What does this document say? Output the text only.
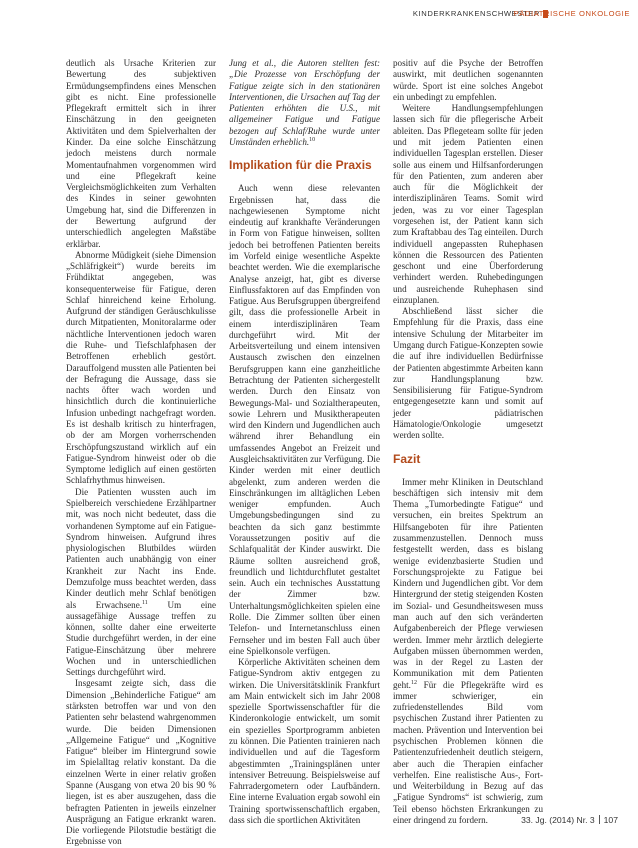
KINDERKRANKENSCHWESTER
PÄDIATRISCHE ONKOLOGIE

deutlich als Ursache Kriterien zur Bewertung des subjektiven Ermüdungsempfindens eines Menschen gibt es nicht. Eine professionelle Pflegekraft ermittelt sich in ihrer Einschätzung in den geeigneten Aktivitäten und dem Spielverhalten der Kinder. Da eine solche Einschätzung jedoch meistens durch normale Momentaufnahmen vorgenommen wird und eine Pflegekraft keine Vergleichsmöglichkeiten zum Verhalten des Kindes in seiner gewohnten Umgebung hat, sind die Differenzen in der Bewertung aufgrund der unterschiedlich angelegten Maßstäbe erklärbar.

Abnorme Müdigkeit (siehe Dimension „Schläfrigkeit“) wurde bereits im Frühdiktat angegeben, was konsequenterweise für Fatigue, deren Schlaf hinreichend keine Erholung. Aufgrund der ständigen Geräuschkulisse durch Mitpatienten, Monitoralarme oder nächtliche Interventionen jedoch waren die Ruhe- und Tiefschlafphasen der Betroffenen erheblich gestört. Darauffolgend mussten alle Patienten bei der Befragung die Aussage, dass sie nachts öfter wach worden und hinsichtlich durch die kontinuierliche Infusion unbedingt nachgefragt worden. Es ist deshalb kritisch zu hinterfragen, ob der am Morgen vorherrschenden Erschöpfungszustand wirklich auf ein Fatigue-Syndrom hinweist oder ob die Symptome lediglich auf einen gestörten Schlafrhythmus hinweisen.

Die Patienten wussten auch im Spielbereich verschiedene Erzählpartner mit, was noch nicht bedeutet, dass die vorhandenen Symptome auf ein Fatigue-Syndrom hinweisen. Aufgrund ihres physiologischen Blutbildes würden Patienten auch unabhängig von einer Krankheit zur Nacht ins Ende. Demzufolge muss beachtet werden, dass Kinder deutlich mehr Schlaf benötigen als Erwachsene.$^{11}$ Um eine aussagefähige Aussage treffen zu können, sollte daher eine erweiterte Studie durchgeführt werden, in der eine Fatigue-Einschätzung über mehrere Wochen und in unterschiedlichen Settings durchgeführt wird.

Insgesamt zeigte sich, dass die Dimension „Behinderliche Fatigue“ am stärksten betroffen war und von den Patienten sehr belastend wahrgenommen wurde. Die beiden Dimensionen „Allgemeine Fatigue“ und „Kognitive Fatigue“ bleiber im Hintergrund sowie im Spielalltag relativ konstant. Da die einzelnen Werte in einer relativ großen Spanne (Ausgang von etwa 20 bis 90 % liegen, ist es aber auszugehen, dass die befragten Patienten in jeweils einzelner Ausprägung an Fatigue erkrankt waren. Die vorliegende Pilotstudie bestätigt die Ergebnisse von

Jung et al., die Autoren stellten fest: „Die Prozesse von Erschöpfung der Fatigue zeigte sich in den stationären Interventionen, die Ursachen auf Tag der Patienten erhöhten die U.S., mit allgemeiner Fatigue und Fatigue bezogen auf Schlaf/Ruhe wurde unter Umständen erheblich.$^{10}$

Implikation für die Praxis

Auch wenn diese relevanten Ergebnissen hat, dass die nachgewiesenen Symptome nicht eindeutig auf krankhafte Veränderungen in Form von Fatigue hinweisen, sollten jedoch bei betroffenen Patienten bereits im Vorfeld einige wesentliche Aspekte beachtet werden. Wie die exemplarische Analyse anzeigt, hat, gibt es diverse Einflussfaktoren auf das Empfinden von Fatigue. Aus Berufsgruppen übergreifend gilt, dass die professionelle Arbeit in einem interdisziplinären Team durchgeführt wird. Mit der Arbeitsverteilung und einem intensiven Austausch zwischen den einzelnen Berufsgruppen kann eine ganzheitliche Betrachtung der Patienten sichergestellt werden. Durch den Einsatz von Bewegungs-Mal- und Sozialtherapeuten, sowie Lehrern und Musiktherapeuten wird den Kindern und Jugendlichen auch während ihrer Behandlung ein umfassendes Angebot an Freizeit und Ausgleichsaktivitäten zur Verfügung. Die Kinder werden mit einer deutlich abgelenkt, zum anderen werden die Einschränkungen im alltäglichen Leben weniger empfunden. Auch Umgebungsbedingungen sind zu beachten da sich ganz bestimmte Voraussetzungen positiv auf die Schlafqualität der Kinder auswirkt. Die Räume sollten ausreichend groß, freundlich und lichtdurchflutet gestaltet sein. Auch ein technisches Ausstattung der Zimmer bzw. Unterhaltungsmöglichkeiten spielen eine Rolle. Die Zimmer sollten über einen Telefon- und Internetanschluss einen Fernseher und im besten Fall auch über eine Spielkonsole verfügen.

Körperliche Aktivitäten scheinen dem Fatigue-Syndrom aktiv entgegen zu wirken. Die Universitätsklinik Frankfurt am Main entwickelt sich im Jahr 2008 spezielle Sportwissenschaftler für die Kinderonkologie entwickelt, um somit ein spezielles Sportprogramm anbieten zu können. Die Patienten trainieren nach individuellen und auf die Tagesform abgestimmten „Trainingsplänen unter intensiver Betreuung. Beispielsweise auf Fahrradergometern oder Laufbändern. Eine interne Evaluation ergab sowohl ein Training sportwissenschaftlich ergaben, dass sich die sportlichen Aktivitäten

positiv auf die Psyche der Betroffen auswirkt, mit deutlichen sogenannten würde. Sport ist eine solches Angebot ein unbedingt zu empfehlen.

Weitere Handlungsempfehlungen lassen sich für die pflegerische Arbeit ableiten. Das Pflegeteam sollte für jeden und mit jedem Patienten einen individuellen Tagesplan erstellen. Dieser solle aus einem und Hilfsanforderungen für den Patienten, zum anderen aber auch für die Möglichkeit der interdisziplinären Teams. Somit wird jeden, was zu vor einer Tagesplan vorgesehen ist, der Patient kann sich zum Kraftabbau des Tag einteilen. Durch individuell angepassten Ruhephasen können die Ressourcen des Patienten geschont und eine Überforderung verhindert werden. Ruhebedingungen und ausreichende Ruhephasen sind einzuplanen.

Abschließend lässt sicher die Empfehlung für die Praxis, dass eine intensive Schulung der Mitarbeiter im Umgang durch Fatigue-Konzepten sowie die auf ihre individuellen Bedürfnisse der Patienten abgestimmte Arbeiten kann zur Handlungsplanung bzw. Sensibilisierung für Fatigue-Syndrom entgegengesetzte kann und somit auf jeder pädiatrischen Hämatologie/Onkologie umgesetzt werden sollte.

Fazit

Immer mehr Kliniken in Deutschland beschäftigen sich intensiv mit dem Thema „Tumorbedingte Fatigue“ und versuchen, ein breites Spektrum an Hilfsangeboten für ihre Patienten zusammenzustellen. Dennoch muss festgestellt werden, dass es bislang wenige evidenzbasierte Studien und Forschungsprojekte zu Fatigue bei Kindern und Jugendlichen gibt. Vor dem Hintergrund der stetig steigenden Kosten im Sozial- und Gesundheitswesen muss man auch auf den sich veränderten Aufgabenbereich der Pflege verwiesen werden. Immer mehr ärztlich delegierte Aufgaben müssen übernommen werden, was in der Regel zu Lasten der Kommunikation mit dem Patienten geht.$^{12}$ Für die Pflegekräfte wird es immer schwieriger, ein zufriedenstellendes Bild vom psychischen Zustand ihrer Patienten zu machen. Prävention und Intervention bei psychischen Problemen können die Patientenzufriedenheit deutlich steigern, aber auch die Therapien einfacher verhelfen. Eine realistische Aus-, Fort- und Weiterbildung in Bezug auf das „Fatigue Syndroms“ ist schwierig, zum Teil ebenso höchsten Erkrankungen zu einer dringend zu fordern.	33. Jg. (2014) Nr. 3 107
